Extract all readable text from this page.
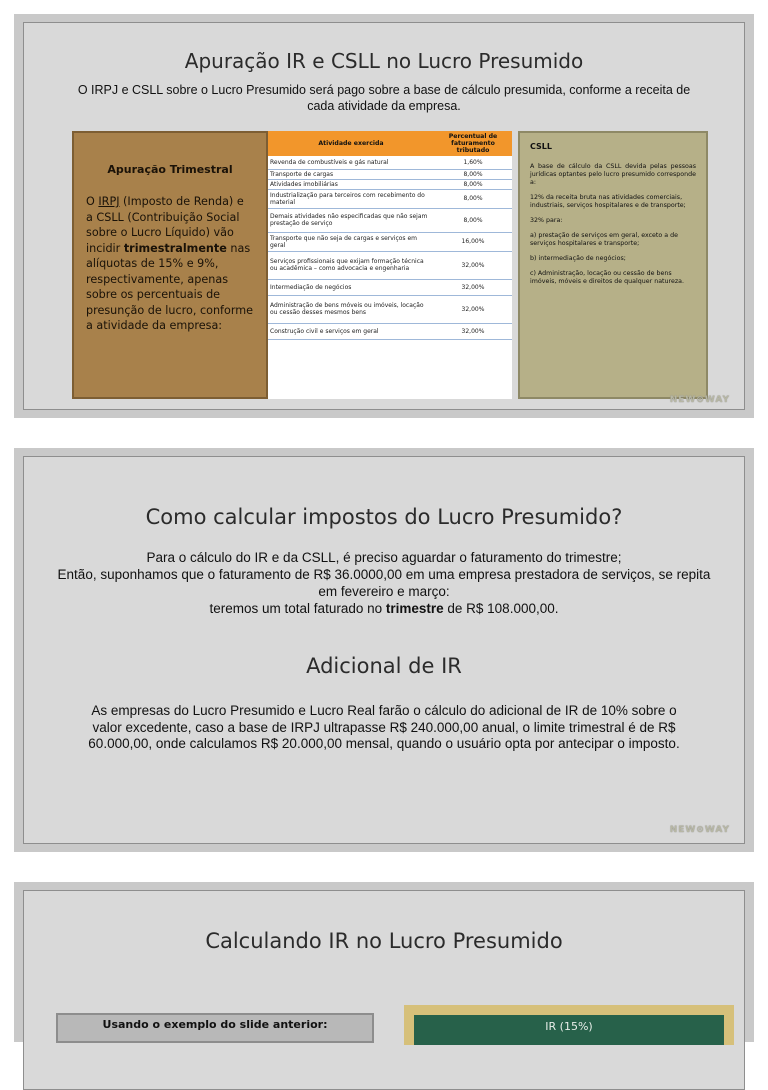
Apuração IR e CSLL no Lucro Presumido
O IRPJ e CSLL sobre o Lucro Presumido será pago sobre a base de cálculo presumida, conforme a receita de cada atividade da empresa.
Apuração Trimestral

O IRPJ (Imposto de Renda) e a CSLL (Contribuição Social sobre o Lucro Líquido) vão incidir trimestralmente nas alíquotas de 15% e 9%, respectivamente, apenas sobre os percentuais de presunção de lucro, conforme a atividade da empresa:

Atividade exercida	Percentual de faturamento tributado
Revenda de combustíveis e gás natural	1,60%
Transporte de cargas	8,00%
Atividades imobiliárias	8,00%
Industrialização para terceiros com recebimento do material	8,00%
Demais atividades não especificadas que não sejam prestação de serviço	8,00%
Transporte que não seja de cargas e serviços em geral	16,00%
Serviços profissionais que exijam formação técnica ou acadêmica – como advocacia e engenharia	32,00%
Intermediação de negócios	32,00%
Administração de bens móveis ou imóveis, locação ou cessão desses mesmos bens	32,00%
Construção civil e serviços em geral	32,00%
CSLL

A base de cálculo da CSLL devida pelas pessoas jurídicas optantes pelo lucro presumido corresponde a:

12% da receita bruta nas atividades comerciais, industriais, serviços hospitalares e de transporte;

32% para:

a) prestação de serviços em geral, exceto a de serviços hospitalares e transporte;

b) intermediação de negócios;

c) Administração, locação ou cessão de bens imóveis, móveis e direitos de qualquer natureza.

NEW⊙WAY
Como calcular impostos do Lucro Presumido?
Para o cálculo do IR e da CSLL, é preciso aguardar o faturamento do trimestre;
Então, suponhamos que o faturamento de R$ 36.0000,00 em uma empresa prestadora de serviços, se repita em fevereiro e março:
teremos um total faturado no trimestre de R$ 108.000,00.
Adicional de IR
As empresas do Lucro Presumido e Lucro Real farão o cálculo do adicional de IR de 10% sobre o valor excedente, caso a base de IRPJ ultrapasse R$ 240.000,00 anual, o limite trimestral é de R$ 60.000,00, onde calculamos R$ 20.000,00 mensal, quando o usuário opta por antecipar o imposto.
NEW⊙WAY
Calculando IR no Lucro Presumido
Usando o exemplo do slide anterior:	IR (15%)
